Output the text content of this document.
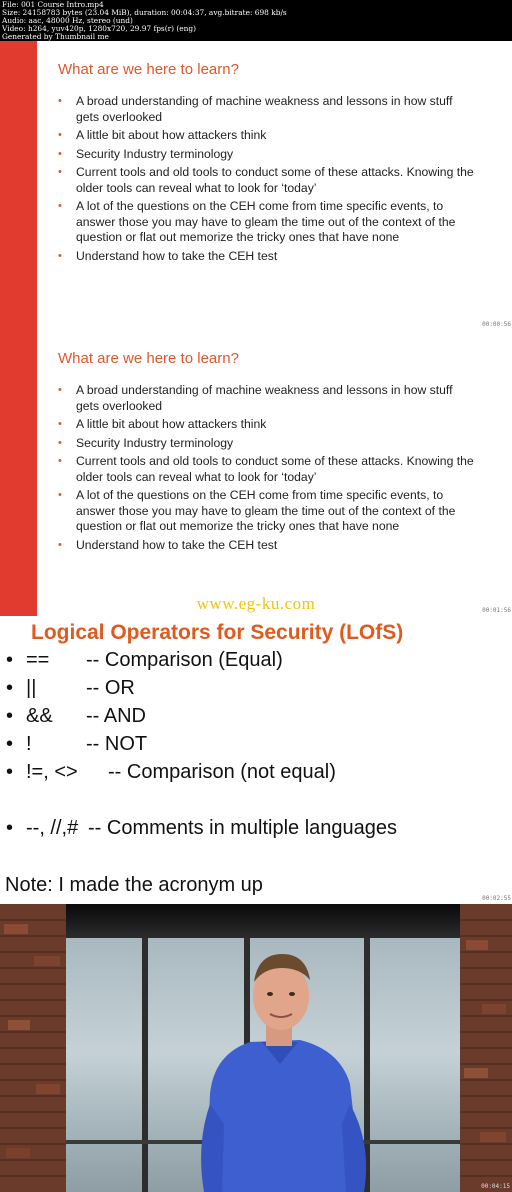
File: 001 Course Intro.mp4
Size: 24158783 bytes (23.04 MiB), duration: 00:04:37, avg.bitrate: 698 kb/s
Audio: aac, 48000 Hz, stereo (und)
Video: h264, yuv420p, 1280x720, 29.97 fps(r) (eng)
Generated by Thumbnail me
What are we here to learn?
• A broad understanding of machine weakness and lessons in how stuff gets overlooked
• A little bit about how attackers think
• Security Industry terminology
• Current tools and old tools to conduct some of these attacks. Knowing the older tools can reveal what to look for ‘today’
• A lot of the questions on the CEH come from time specific events, to answer those you may have to gleam the time out of the context of the question or flat out memorize the tricky ones that have none
• Understand how to take the CEH test
00:00:56
What are we here to learn?
• A broad understanding of machine weakness and lessons in how stuff gets overlooked
• A little bit about how attackers think
• Security Industry terminology
• Current tools and old tools to conduct some of these attacks. Knowing the older tools can reveal what to look for ‘today’
• A lot of the questions on the CEH come from time specific events, to answer those you may have to gleam the time out of the context of the question or flat out memorize the tricky ones that have none
• Understand how to take the CEH test
www.eg-ku.com	00:01:56
Logical Operators for Security (LOfS)
• == -- Comparison (Equal)
• || -- OR
• && -- AND
• !	-- NOT
• !=, <> -- Comparison (not equal)
• --, //,# -- Comments in multiple languages
Note: I made the acronym up
00:02:55
00:04:15
